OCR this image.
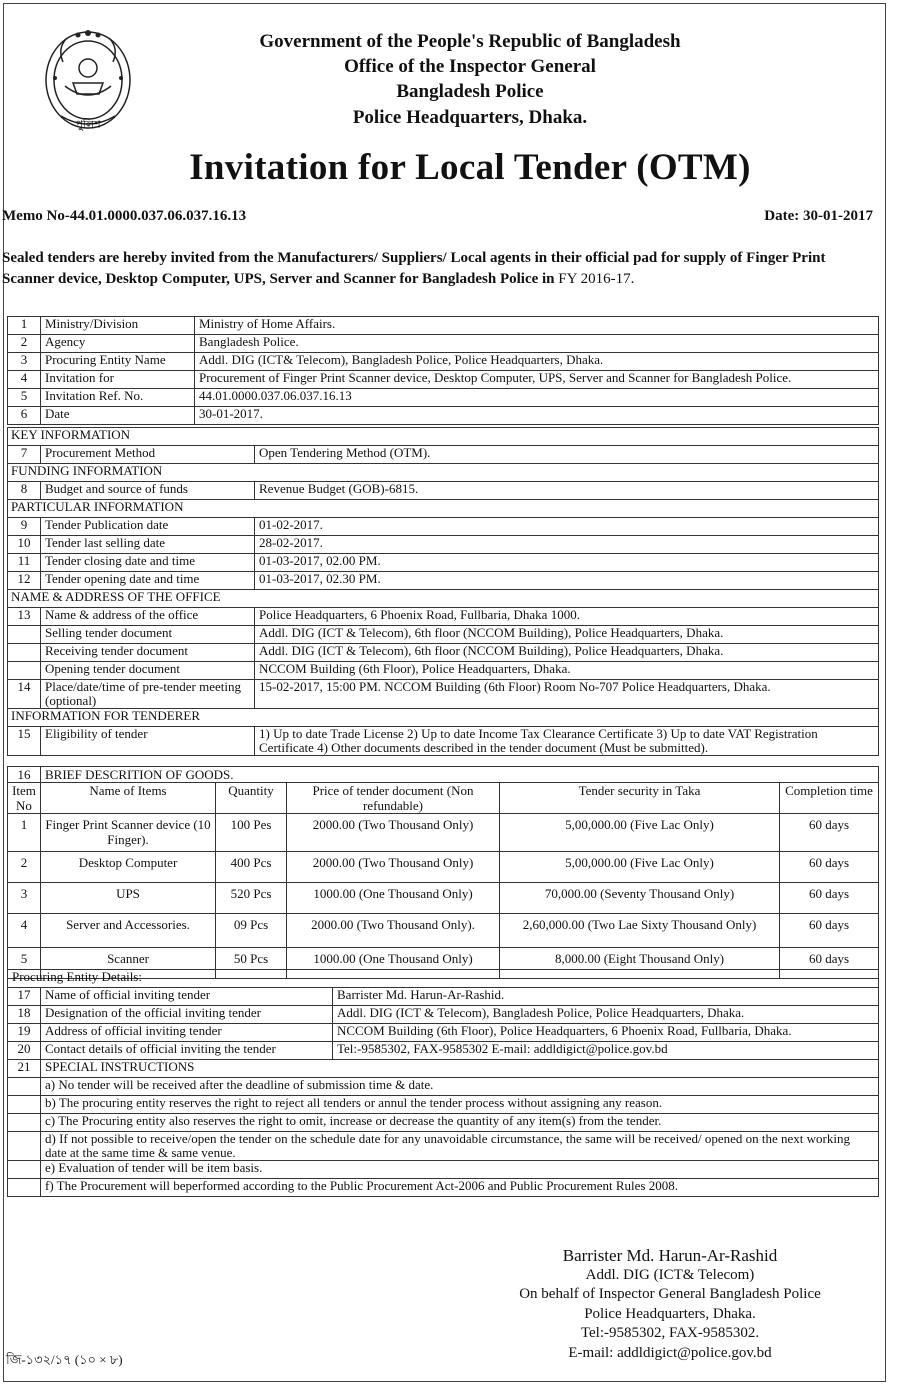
পুলিশ
Government of the People's Republic of Bangladesh
Office of the Inspector General
Bangladesh Police
Police Headquarters, Dhaka.
Invitation for Local Tender (OTM)
Memo No-44.01.0000.037.06.037.16.13	Date: 30-01-2017
Sealed tenders are hereby invited from the Manufacturers/ Suppliers/ Local agents in their official pad for supply of Finger Print Scanner device, Desktop Computer, UPS, Server and Scanner for Bangladesh Police in FY 2016-17.
1	Ministry/Division	Ministry of Home Affairs.
2	Agency	Bangladesh Police.
3	Procuring Entity Name	Addl. DIG (ICT& Telecom), Bangladesh Police, Police Headquarters, Dhaka.
4	Invitation for	Procurement of Finger Print Scanner device, Desktop Computer, UPS, Server and Scanner for Bangladesh Police.
5	Invitation Ref. No.	44.01.0000.037.06.037.16.13
6	Date	30-01-2017.
KEY INFORMATION		
7	Procurement Method	Open Tendering Method (OTM).
FUNDING INFORMATION		
8	Budget and source of funds	Revenue Budget (GOB)-6815.
PARTICULAR INFORMATION		
9	Tender Publication date	01-02-2017.
10	Tender last selling date	28-02-2017.
11	Tender closing date and time	01-03-2017, 02.00 PM.
12	Tender opening date and time	01-03-2017, 02.30 PM.
NAME & ADDRESS OF THE OFFICE		
13	Name & address of the office	Police Headquarters, 6 Phoenix Road, Fullbaria, Dhaka 1000.
	Selling tender document	Addl. DIG (ICT & Telecom), 6th floor (NCCOM Building), Police Headquarters, Dhaka.
	Receiving tender document	Addl. DIG (ICT & Telecom), 6th floor (NCCOM Building), Police Headquarters, Dhaka.
	Opening tender document	NCCOM Building (6th Floor), Police Headquarters, Dhaka.
14	Place/date/time of pre-tender meeting (optional)	15-02-2017, 15:00 PM. NCCOM Building (6th Floor) Room No-707 Police Headquarters, Dhaka.
INFORMATION FOR TENDERER		
15	Eligibility of tender	1) Up to date Trade License 2) Up to date Income Tax Clearance Certificate 3) Up to date VAT Registration Certificate 4) Other documents described in the tender document (Must be submitted).
16	BRIEF DESCRITION OF GOODS.				
Item No	Name of Items	Quantity	Price of tender document (Non refundable)	Tender security in Taka	Completion time
1	Finger Print Scanner device (10 Finger).	100 Pes	2000.00 (Two Thousand Only)	5,00,000.00 (Five Lac Only)	60 days
2	Desktop Computer	400 Pcs	2000.00 (Two Thousand Only)	5,00,000.00 (Five Lac Only)	60 days
3	UPS	520 Pcs	1000.00 (One Thousand Only)	70,000.00 (Seventy Thousand Only)	60 days
4	Server and Accessories.	09 Pcs	2000.00 (Two Thousand Only).	2,60,000.00 (Two Lae Sixty Thousand Only)	60 days
5	Scanner	50 Pcs	1000.00 (One Thousand Only)	8,000.00 (Eight Thousand Only)	60 days
Procuring Entity Details:		
17	Name of official inviting tender	Barrister Md. Harun-Ar-Rashid.
18	Designation of the official inviting tender	Addl. DIG (ICT & Telecom), Bangladesh Police, Police Headquarters, Dhaka.
19	Address of official inviting tender	NCCOM Building (6th Floor), Police Headquarters, 6 Phoenix Road, Fullbaria, Dhaka.
20	Contact details of official inviting the tender	Tel:-9585302, FAX-9585302 E-mail: addldigict@police.gov.bd
21	SPECIAL INSTRUCTIONS	
	a) No tender will be received after the deadline of submission time & date.	
	b) The procuring entity reserves the right to reject all tenders or annul the tender process without assigning any reason.	
	c) The Procuring entity also reserves the right to omit, increase or decrease the quantity of any item(s) from the tender.	
	d) If not possible to receive/open the tender on the schedule date for any unavoidable circumstance, the same will be received/ opened on the next working date at the same time & same venue.	
	e) Evaluation of tender will be item basis.	
	f) The Procurement will beperformed according to the Public Procurement Act-2006 and Public Procurement Rules 2008.	
Barrister Md. Harun-Ar-Rashid
Addl. DIG (ICT& Telecom)
On behalf of Inspector General Bangladesh Police
Police Headquarters, Dhaka.
Tel:-9585302, FAX-9585302.
E-mail: addldigict@police.gov.bd
জি-১৩২/১৭ (১০ × ৮)
